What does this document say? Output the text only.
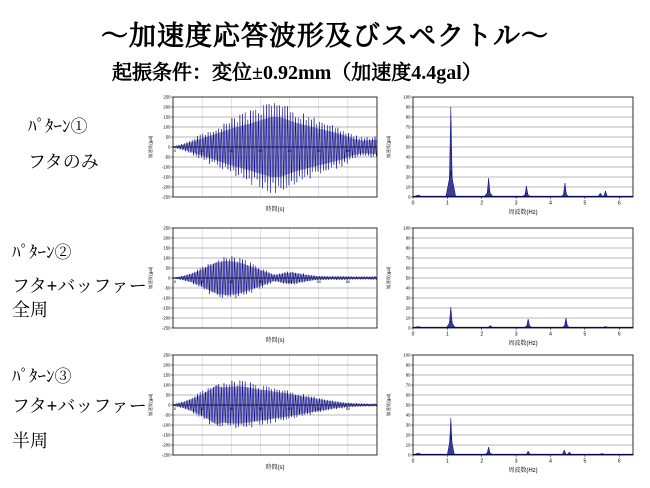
〜加速度応答波形及びスペクトル〜
起振条件：変位±0.92mm（加速度4.4gal）
ﾊﾟﾀｰﾝ①
フタのみ
ﾊﾟﾀｰﾝ②
フタ+バッファー
全周
ﾊﾟﾀｰﾝ③
フタ+バッファー
半周
-250
-200
-150
-100
-50
0
50
100
150
200
250
0	10	20	30	40	50	60
時間(s)
加速度(gal)
0
10
20
30
40
50
60
70
80
90
100
0	1	2	3	4	5	6
周波数(Hz)
加速度(gal)
-250
-200
-150
-100
-50
0
50
100
150
200
250
0	10	20	30	40	50	60
時間(s)
加速度(gal)
0
10
20
30
40
50
60
70
80
90
100
0	1	2	3	4	5	6
周波数(Hz)
加速度(gal)
-250
-200
-150
-100
-50
0
50
100
150
200
250
0	10	20	30	40	50	60
時間(s)
加速度(gal)
0
10
20
30
40
50
60
70
80
90
100
0	1	2	3	4	5	6
周波数(Hz)
加速度(gal)
